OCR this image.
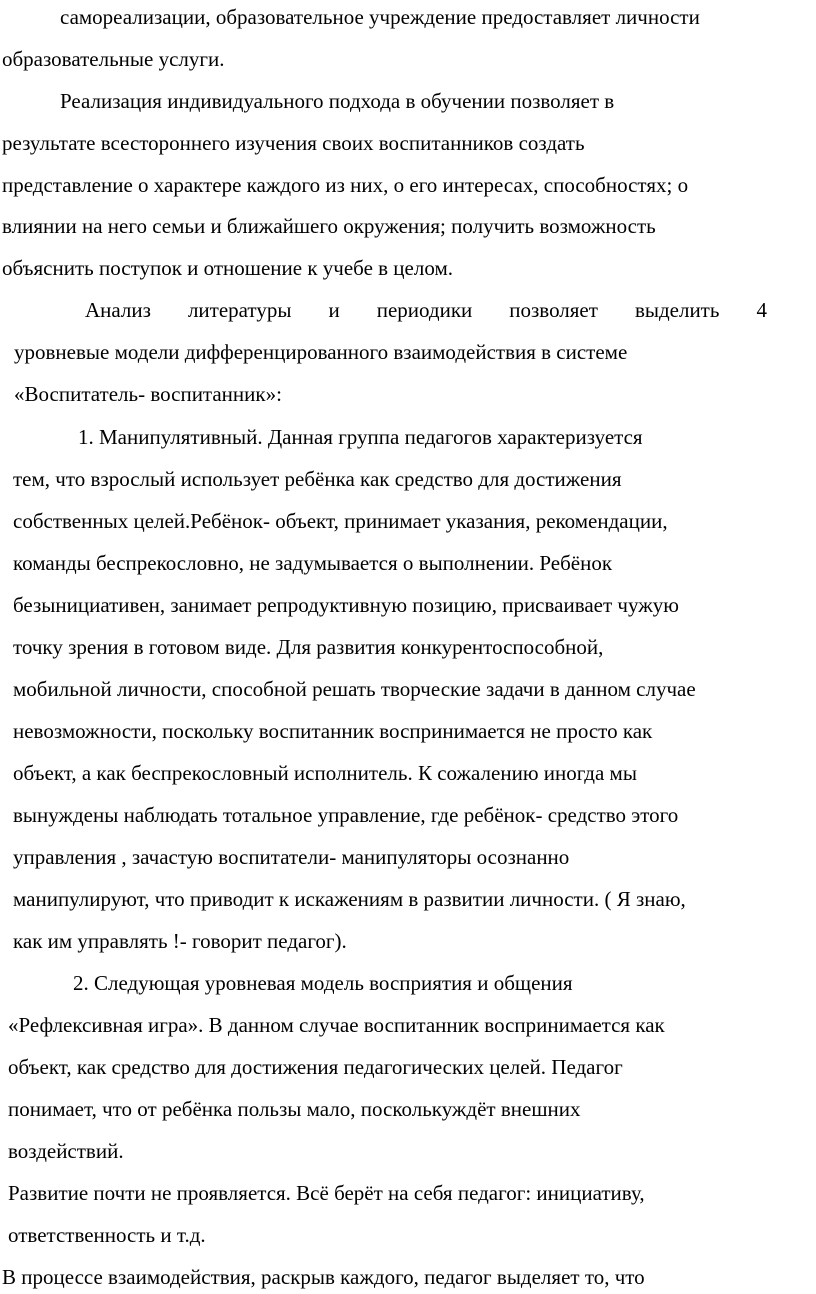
самореализации, образовательное учреждение предоставляет личности

образовательные услуги.

Реализация индивидуального подхода в обучении позволяет в

результате всестороннего изучения своих воспитанников создать

представление о характере каждого из них, о его интересах, способностях; о

влиянии на него семьи и ближайшего окружения; получить возможность

объяснить поступок и отношение к учебе в целом.

Анализ литературы и периодики позволяет выделить 4

уровневые модели дифференцированного взаимодействия в системе

«Воспитатель- воспитанник»:

1. Манипулятивный. Данная группа педагогов характеризуется

тем, что взрослый использует ребёнка как средство для достижения

собственных целей.Ребёнок- объект, принимает указания, рекомендации,

команды беспрекословно, не задумывается о выполнении. Ребёнок

безынициативен, занимает репродуктивную позицию, присваивает чужую

точку зрения в готовом виде. Для развития конкурентоспособной,

мобильной личности, способной решать творческие задачи в данном случае

невозможности, поскольку воспитанник воспринимается не просто как

объект, а как беспрекословный исполнитель. К сожалению иногда мы

вынуждены наблюдать тотальное управление, где ребёнок- средство этого

управления , зачастую воспитатели- манипуляторы осознанно

манипулируют, что приводит к искажениям в развитии личности. ( Я знаю,

как им управлять !- говорит педагог).

2. Следующая уровневая модель восприятия и общения

«Рефлексивная игра». В данном случае воспитанник воспринимается как

объект, как средство для достижения педагогических целей. Педагог

понимает, что от ребёнка пользы мало, посколькуждёт внешних

воздействий.

Развитие почти не проявляется. Всё берёт на себя педагог: инициативу,

ответственность и т.д.

В процессе взаимодействия, раскрыв каждого, педагог выделяет то, что
